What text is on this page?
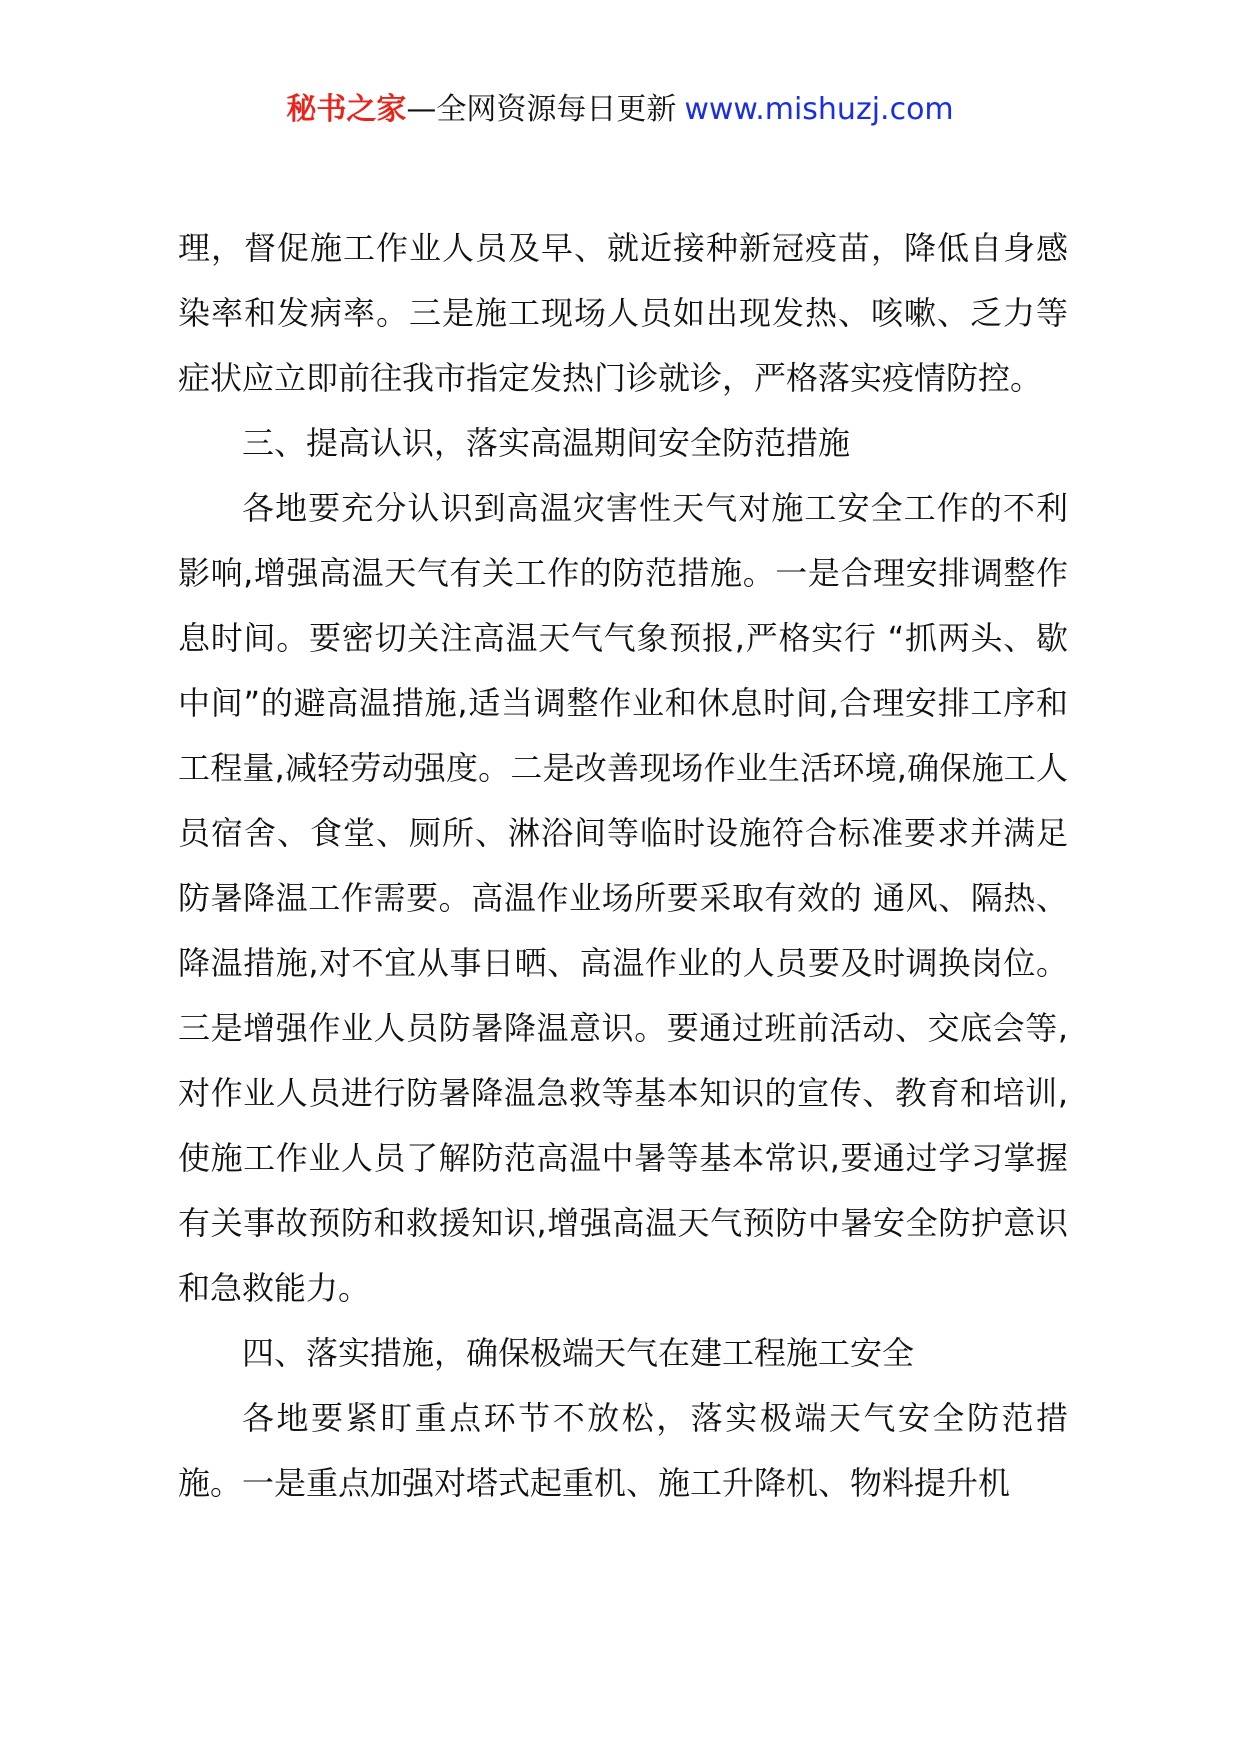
秘书之家—全网资源每日更新 www.mishuzj.com

理，督促施工作业人员及早、就近接种新冠疫苗，降低自身感染率和发病率。三是施工现场人员如出现发热、咳嗽、乏力等症状应立即前往我市指定发热门诊就诊，严格落实疫情防控。

三、提高认识，落实高温期间安全防范措施

各地要充分认识到高温灾害性天气对施工安全工作的不利影响,增强高温天气有关工作的防范措施。一是合理安排调整作息时间。要密切关注高温天气气象预报,严格实行 “抓两头、歇中间”的避高温措施,适当调整作业和休息时间,合理安排工序和工程量,减轻劳动强度。二是改善现场作业生活环境,确保施工人员宿舍、食堂、厕所、淋浴间等临时设施符合标准要求并满足防暑降温工作需要。高温作业场所要采取有效的 通风、隔热、降温措施,对不宜从事日晒、高温作业的人员要及时调换岗位。三是增强作业人员防暑降温意识。要通过班前活动、交底会等,对作业人员进行防暑降温急救等基本知识的宣传、教育和培训,使施工作业人员了解防范高温中暑等基本常识,要通过学习掌握有关事故预防和救援知识,增强高温天气预防中暑安全防护意识和急救能力。

四、落实措施，确保极端天气在建工程施工安全

各地要紧盯重点环节不放松，落实极端天气安全防范措施。一是重点加强对塔式起重机、施工升降机、物料提升机
